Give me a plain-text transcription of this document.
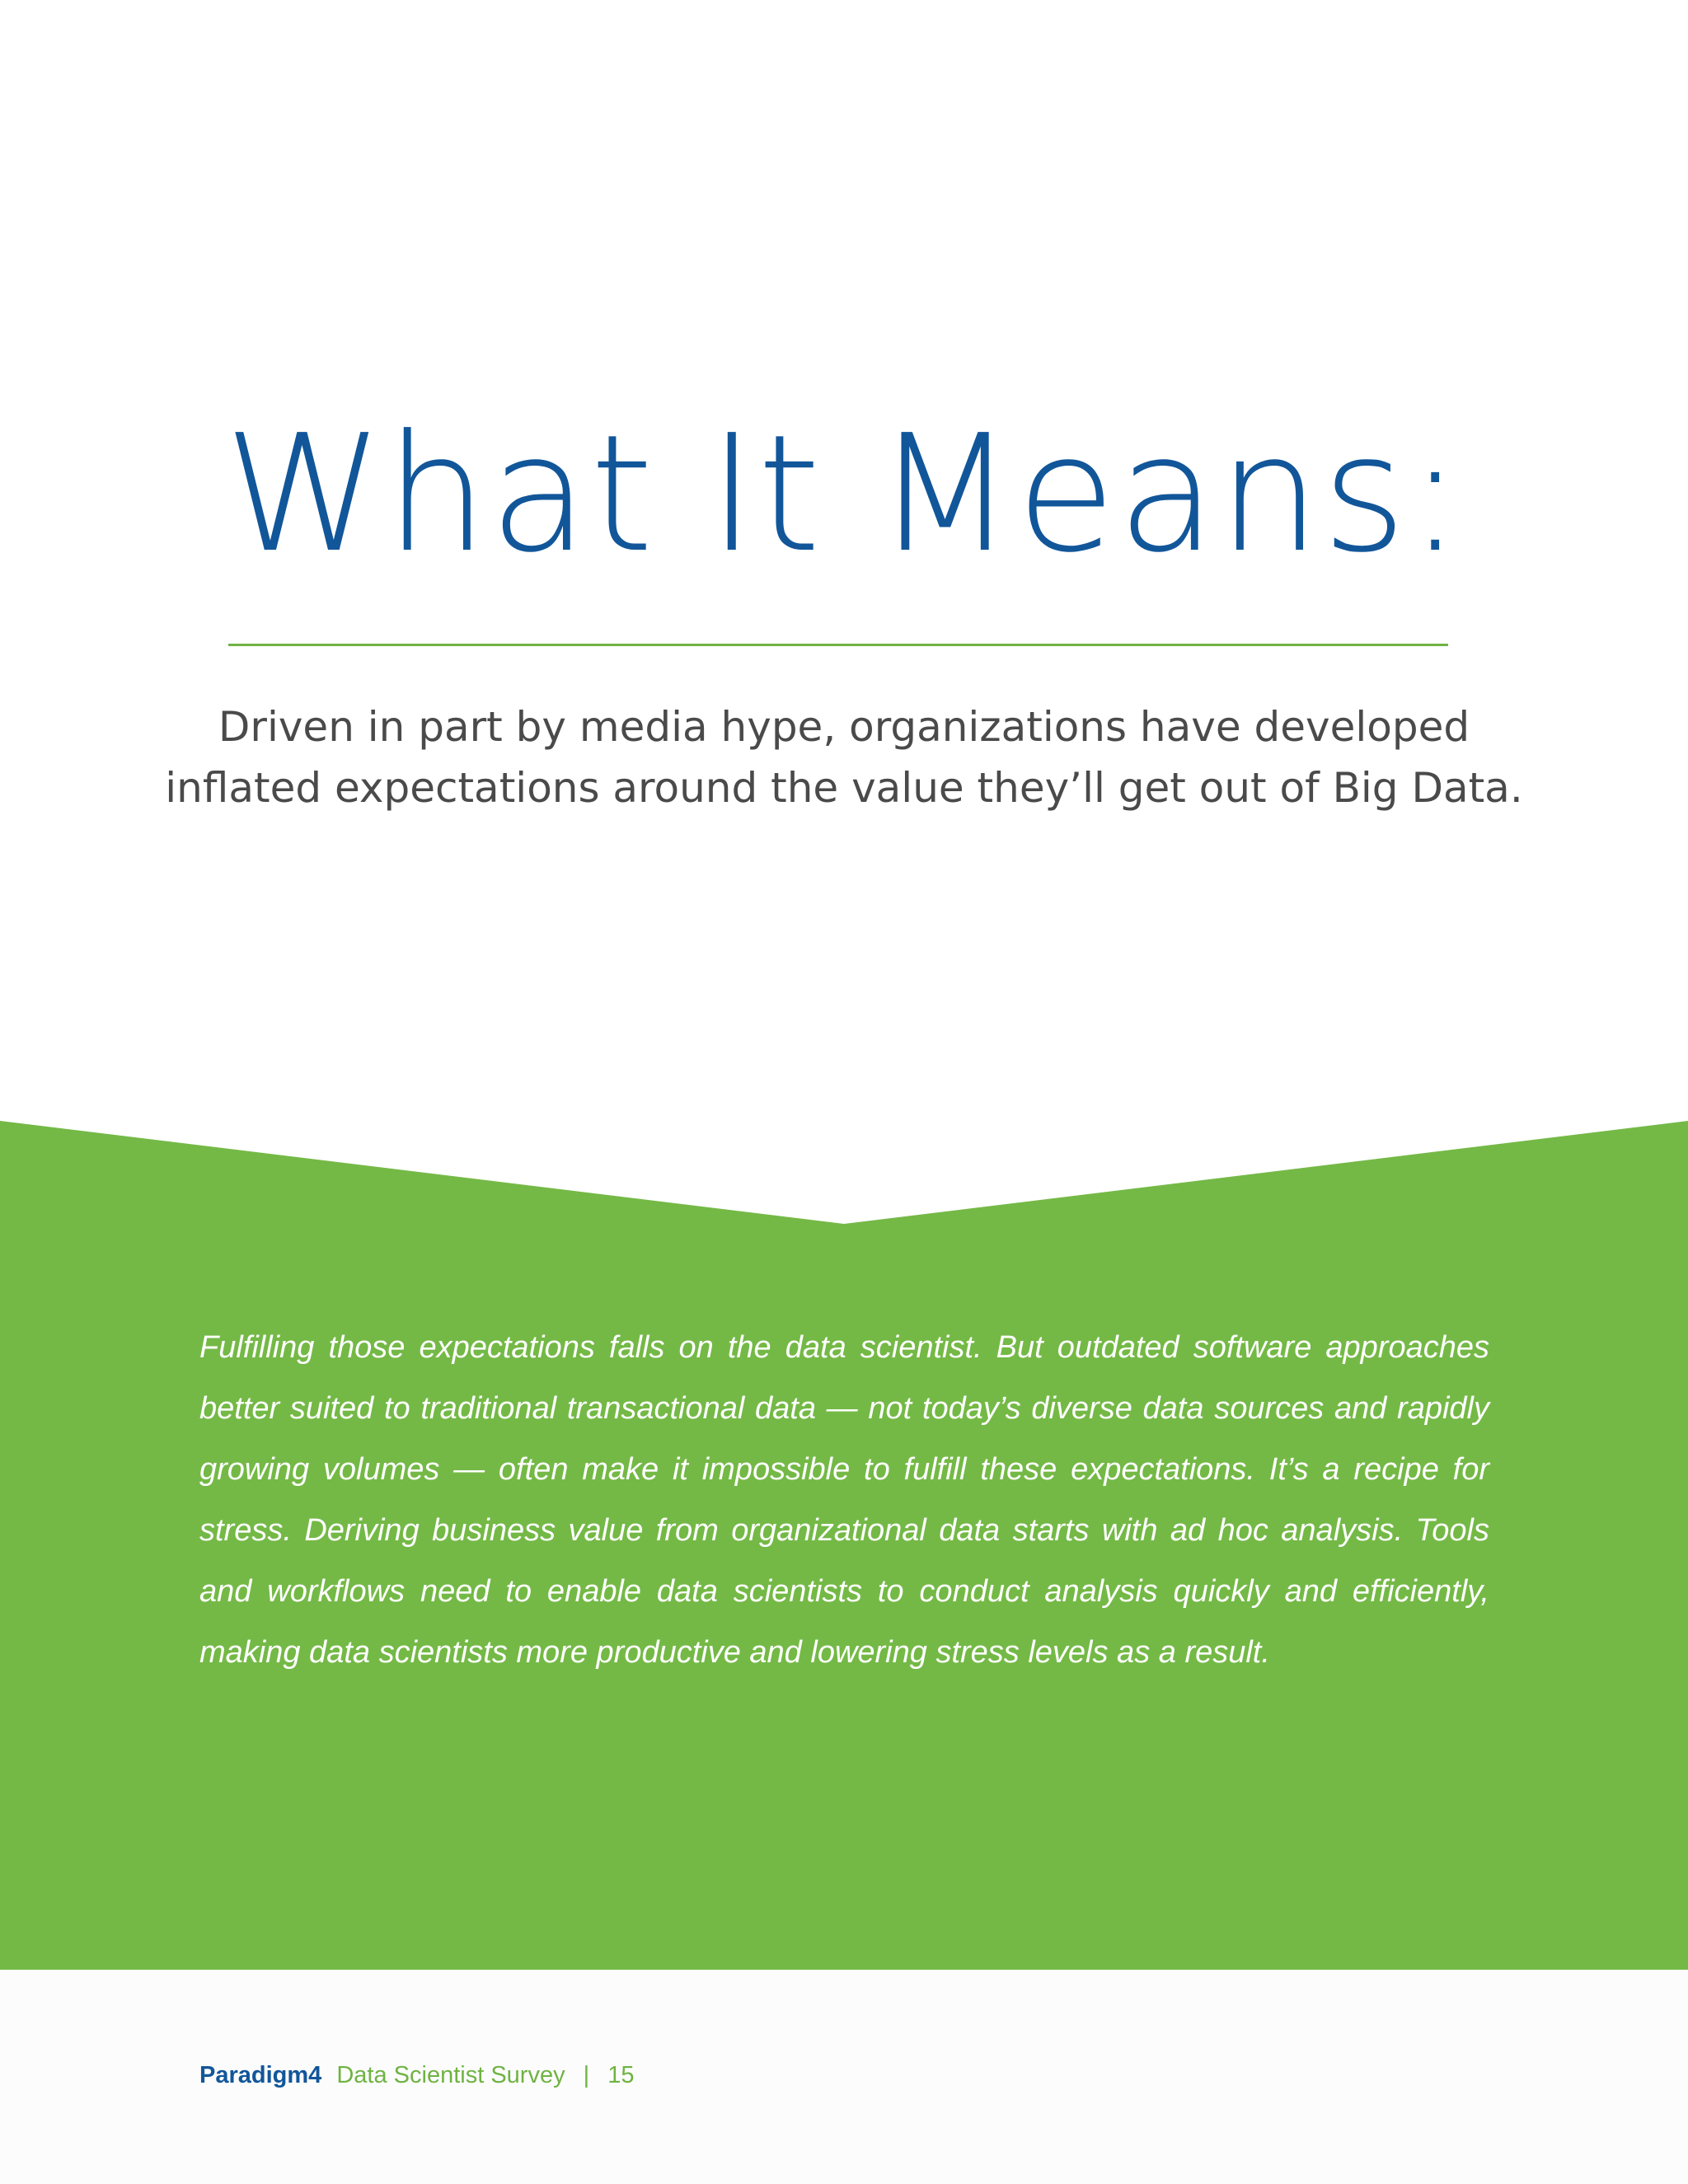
What It Means:

Driven in part by media hype, organizations have developed
inflated expectations around the value they’ll get out of Big Data.

Fulfilling those expectations falls on the data scientist. But outdated software approaches better suited to traditional transactional data — not today’s diverse data sources and rapidly growing volumes — often make it impossible to fulfill these expectations. It’s a recipe for stress. Deriving business value from organizational data starts with ad hoc analysis. Tools and workflows need to enable data scientists to conduct analysis quickly and efficiently, making data scientists more productive and lowering stress levels as a result.

Paradigm4 Data Scientist Survey | 15
